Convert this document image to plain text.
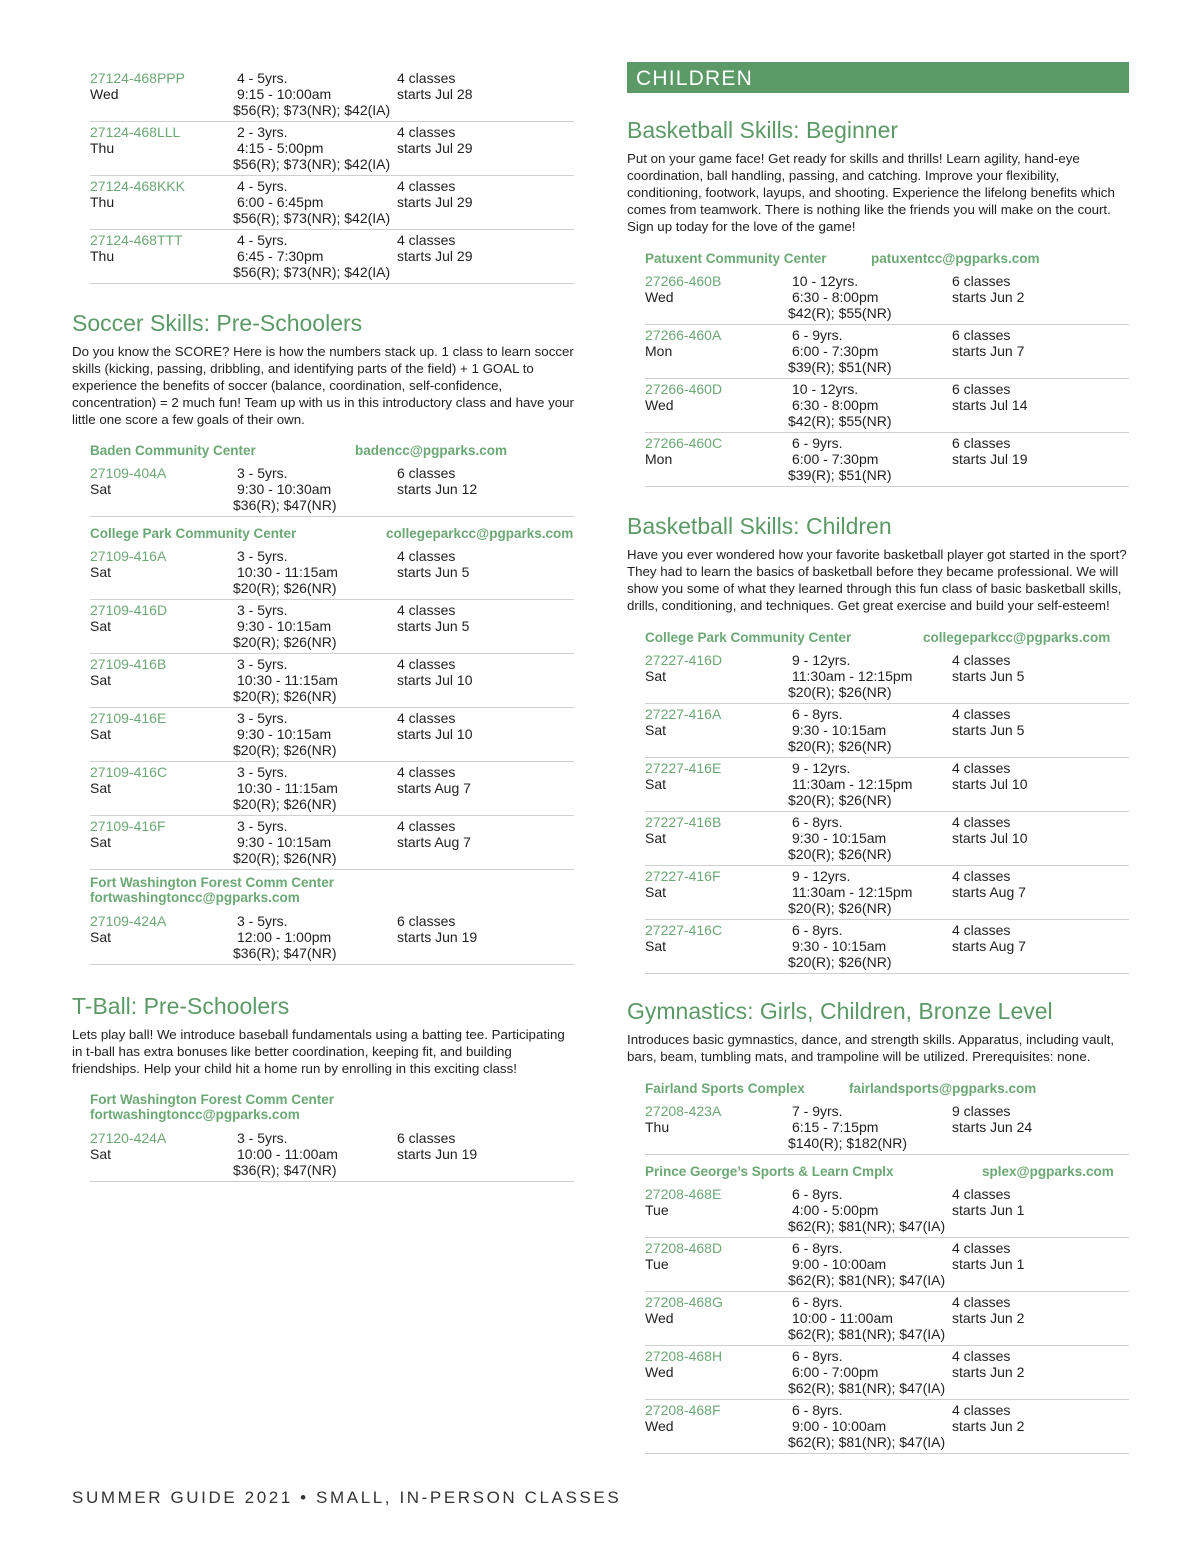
27124-468PPP
Wed
4 - 5yrs.
9:15 - 10:00am
$56(R); $73(NR); $42(IA)
4 classes
starts Jul 28
27124-468LLL
Thu
2 - 3yrs.
4:15 - 5:00pm
$56(R); $73(NR); $42(IA)
4 classes
starts Jul 29
27124-468KKK
Thu
4 - 5yrs.
6:00 - 6:45pm
$56(R); $73(NR); $42(IA)
4 classes
starts Jul 29
27124-468TTT
Thu
4 - 5yrs.
6:45 - 7:30pm
$56(R); $73(NR); $42(IA)
4 classes
starts Jul 29
Soccer Skills: Pre-Schoolers

Do you know the SCORE? Here is how the numbers stack up. 1 class to learn soccer skills (kicking, passing, dribbling, and identifying parts of the field) + 1 GOAL to experience the benefits of soccer (balance, coordination, self-confidence, concentration) = 2 much fun! Team up with us in this introductory class and have your little one score a few goals of their own.

Baden Community Center	badencc@pgparks.com
27109-404A
Sat
3 - 5yrs.
9:30 - 10:30am
$36(R); $47(NR)
6 classes
starts Jun 12
College Park Community Center	collegeparkcc@pgparks.com
27109-416A
Sat
3 - 5yrs.
10:30 - 11:15am
$20(R); $26(NR)
4 classes
starts Jun 5
27109-416D
Sat
3 - 5yrs.
9:30 - 10:15am
$20(R); $26(NR)
4 classes
starts Jun 5
27109-416B
Sat
3 - 5yrs.
10:30 - 11:15am
$20(R); $26(NR)
4 classes
starts Jul 10
27109-416E
Sat
3 - 5yrs.
9:30 - 10:15am
$20(R); $26(NR)
4 classes
starts Jul 10
27109-416C
Sat
3 - 5yrs.
10:30 - 11:15am
$20(R); $26(NR)
4 classes
starts Aug 7
27109-416F
Sat
3 - 5yrs.
9:30 - 10:15am
$20(R); $26(NR)
4 classes
starts Aug 7
Fort Washington Forest Comm Center
fortwashingtoncc@pgparks.com
27109-424A
Sat
3 - 5yrs.
12:00 - 1:00pm
$36(R); $47(NR)
6 classes
starts Jun 19
T-Ball: Pre-Schoolers

Lets play ball! We introduce baseball fundamentals using a batting tee. Participating in t-ball has extra bonuses like better coordination, keeping fit, and building friendships. Help your child hit a home run by enrolling in this exciting class!

Fort Washington Forest Comm Center
fortwashingtoncc@pgparks.com
27120-424A
Sat
3 - 5yrs.
10:00 - 11:00am
$36(R); $47(NR)
6 classes
starts Jun 19
CHILDREN
Basketball Skills: Beginner

Put on your game face! Get ready for skills and thrills! Learn agility, hand-eye coordination, ball handling, passing, and catching. Improve your flexibility, conditioning, footwork, layups, and shooting. Experience the lifelong benefits which comes from teamwork. There is nothing like the friends you will make on the court. Sign up today for the love of the game!

Patuxent Community Center	patuxentcc@pgparks.com
27266-460B
Wed
10 - 12yrs.
6:30 - 8:00pm
$42(R); $55(NR)
6 classes
starts Jun 2
27266-460A
Mon
6 - 9yrs.
6:00 - 7:30pm
$39(R); $51(NR)
6 classes
starts Jun 7
27266-460D
Wed
10 - 12yrs.
6:30 - 8:00pm
$42(R); $55(NR)
6 classes
starts Jul 14
27266-460C
Mon
6 - 9yrs.
6:00 - 7:30pm
$39(R); $51(NR)
6 classes
starts Jul 19
Basketball Skills: Children

Have you ever wondered how your favorite basketball player got started in the sport? They had to learn the basics of basketball before they became professional. We will show you some of what they learned through this fun class of basic basketball skills, drills, conditioning, and techniques. Get great exercise and build your self-esteem!

College Park Community Center	collegeparkcc@pgparks.com
27227-416D
Sat
9 - 12yrs.
11:30am - 12:15pm
$20(R); $26(NR)
4 classes
starts Jun 5
27227-416A
Sat
6 - 8yrs.
9:30 - 10:15am
$20(R); $26(NR)
4 classes
starts Jun 5
27227-416E
Sat
9 - 12yrs.
11:30am - 12:15pm
$20(R); $26(NR)
4 classes
starts Jul 10
27227-416B
Sat
6 - 8yrs.
9:30 - 10:15am
$20(R); $26(NR)
4 classes
starts Jul 10
27227-416F
Sat
9 - 12yrs.
11:30am - 12:15pm
$20(R); $26(NR)
4 classes
starts Aug 7
27227-416C
Sat
6 - 8yrs.
9:30 - 10:15am
$20(R); $26(NR)
4 classes
starts Aug 7
Gymnastics: Girls, Children, Bronze Level

Introduces basic gymnastics, dance, and strength skills. Apparatus, including vault, bars, beam, tumbling mats, and trampoline will be utilized. Prerequisites: none.

Fairland Sports Complex	fairlandsports@pgparks.com
27208-423A
Thu
7 - 9yrs.
6:15 - 7:15pm
$140(R); $182(NR)
9 classes
starts Jun 24
Prince George’s Sports & Learn Cmplx	splex@pgparks.com
27208-468E
Tue
6 - 8yrs.
4:00 - 5:00pm
$62(R); $81(NR); $47(IA)
4 classes
starts Jun 1
27208-468D
Tue
6 - 8yrs.
9:00 - 10:00am
$62(R); $81(NR); $47(IA)
4 classes
starts Jun 1
27208-468G
Wed
6 - 8yrs.
10:00 - 11:00am
$62(R); $81(NR); $47(IA)
4 classes
starts Jun 2
27208-468H
Wed
6 - 8yrs.
6:00 - 7:00pm
$62(R); $81(NR); $47(IA)
4 classes
starts Jun 2
27208-468F
Wed
6 - 8yrs.
9:00 - 10:00am
$62(R); $81(NR); $47(IA)
4 classes
starts Jun 2
SUMMER GUIDE 2021 • SMALL, IN-PERSON CLASSES
